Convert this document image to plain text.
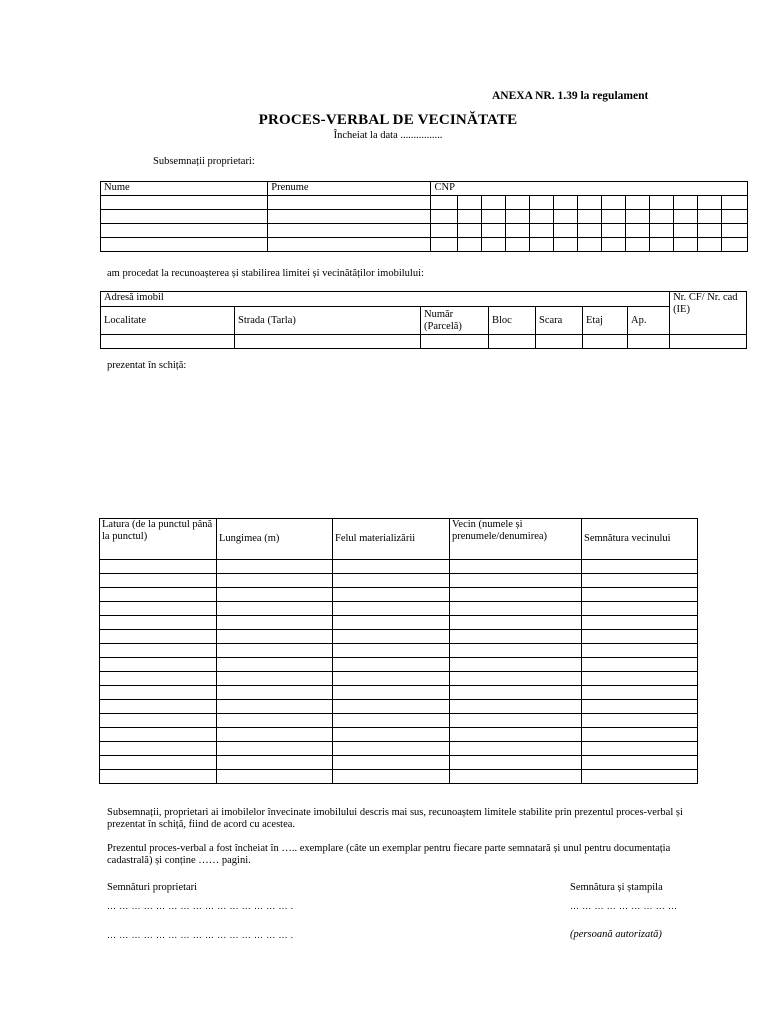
ANEXA NR. 1.39 la regulament
PROCES-VERBAL DE VECINĂTATE
Încheiat la data ................
Subsemnații proprietari:
Nume	Prenume	CNP												

am procedat la recunoașterea și stabilirea limitei și vecinătăților imobilului:
Adresă imobil							Nr. CF/ Nr. cad (IE)
Localitate	Strada (Tarla)	Număr (Parcelă)	Bloc	Scara	Etaj	Ap.	

prezentat în schiță:
Latura (de la punctul până la punctul)	Lungimea (m)	Felul materializării	Vecin (numele și prenumele/denumirea)	Semnătura vecinului

Subsemnații, proprietari ai imobilelor învecinate imobilului descris mai sus, recunoaștem limitele stabilite prin prezentul proces-verbal și prezentat în schiță, fiind de acord cu acestea.
Prezentul proces-verbal a fost încheiat în ….. exemplare (câte un exemplar pentru fiecare parte semnatară și unul pentru documentația cadastrală) și conține …… pagini.
Semnături proprietari
… … … … … … … … … … … … … … … .
… … … … … … … … … … … … … … … .
Semnătura și ștampila
… … … … … … … … …
(persoană autorizată)
